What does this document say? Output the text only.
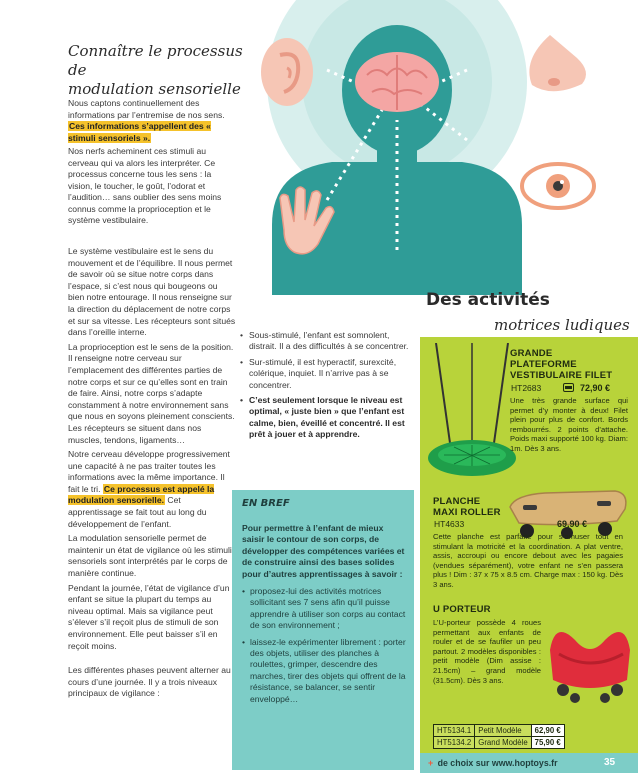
Connaître le processus de
modulation sensorielle

Nous captons continuellement des informations par l’entremise de nos sens. Ces informations s’appellent des « stimuli sensoriels ».

Nos nerfs acheminent ces stimuli au cerveau qui va alors les interpréter. Ce processus concerne tous les sens : la vision, le toucher, le goût, l’odorat et l’audition… sans oublier des sens moins connus comme la proprioception et le système vestibulaire.

Le système vestibulaire est le sens du mouvement et de l’équilibre. Il nous permet de savoir où se situe notre corps dans l’espace, si c’est nous qui bougeons ou bien notre entourage. Il nous renseigne sur la direction du déplacement de notre corps et sur sa vitesse. Les récepteurs sont situés dans l’oreille interne.

La proprioception est le sens de la position. Il renseigne notre cerveau sur l’emplacement des différentes parties de notre corps et sur ce qu’elles sont en train de faire. Ainsi, notre corps s’adapte constamment à notre environnement sans que nous en soyons pleinement conscients. Les récepteurs se situent dans nos muscles, tendons, ligaments…

Notre cerveau développe progressivement une capacité à ne pas traiter toutes les informations avec la même importance. Il fait le tri. Ce processus est appelé la modulation sensorielle. Cet apprentissage se fait tout au long du développement de l’enfant.

La modulation sensorielle permet de maintenir un état de vigilance où les stimuli sensoriels sont interprétés par le corps de manière continue.

Pendant la journée, l’état de vigilance d’un enfant se situe la plupart du temps au niveau optimal. Mais sa vigilance peut s’élever s’il reçoit plus de stimuli de son environnement. Elle peut baisser s’il en reçoit moins.

Les différentes phases peuvent alterner au cours d’une journée. Il y a trois niveaux principaux de vigilance :

• Sous-stimulé, l’enfant est somnolent, distrait. Il a des difficultés à se concentrer.
• Sur-stimulé, il est hyperactif, surexcité, colérique, inquiet. Il n’arrive pas à se concentrer.
• C’est seulement lorsque le niveau est optimal, « juste bien » que l’enfant est calme, bien, éveillé et concentré. Il est prêt à jouer et à apprendre.
EN BREF
Pour permettre à l’enfant de mieux saisir le contour de son corps, de développer des compétences variées et de construire ainsi des bases solides pour d’autres apprentissages à savoir :
• proposez-lui des activités motrices sollicitant ses 7 sens afin qu’il puisse apprendre à utiliser son corps au contact de son environnement ;
• laissez-le expérimenter librement : porter des objets, utiliser des planches à roulettes, grimper, descendre des marches, tirer des objets qui offrent de la résistance, se balancer, se sentir enveloppé…
Des activités
motrices ludiques
GRANDE
PLATEFORME
VESTIBULAIRE FILET
HT2683	72,90 €
Une très grande surface qui permet d’y monter à deux! Filet plein pour plus de confort. Bords rembourrés. 2 points d’attache. Poids maxi supporté 100 kg. Diam: 1m. Dès 3 ans.
PLANCHE
MAXI ROLLER
HT4633	69,90 €
Cette planche est parfaite pour s’amuser tout en stimulant la motricité et la coordination. A plat ventre, assis, accroupi ou encore debout avec les pagaies (vendues séparément), votre enfant ne s’en passera plus ! Dim : 37 x 75 x 8.5 cm. Charge max : 150 kg. Dès 3 ans.
U PORTEUR
L’U-porteur possède 4 roues permettant aux enfants de rouler et de se faufiler un peu partout. 2 modèles disponibles : petit modèle (Dim assise : 21.5cm) – grand modèle (31.5cm). Dès 3 ans.
HT5134.1	Petit Modèle	62,90 €
HT5134.2	Grand Modèle	75,90 €
+ de choix sur www.hoptoys.fr	35
